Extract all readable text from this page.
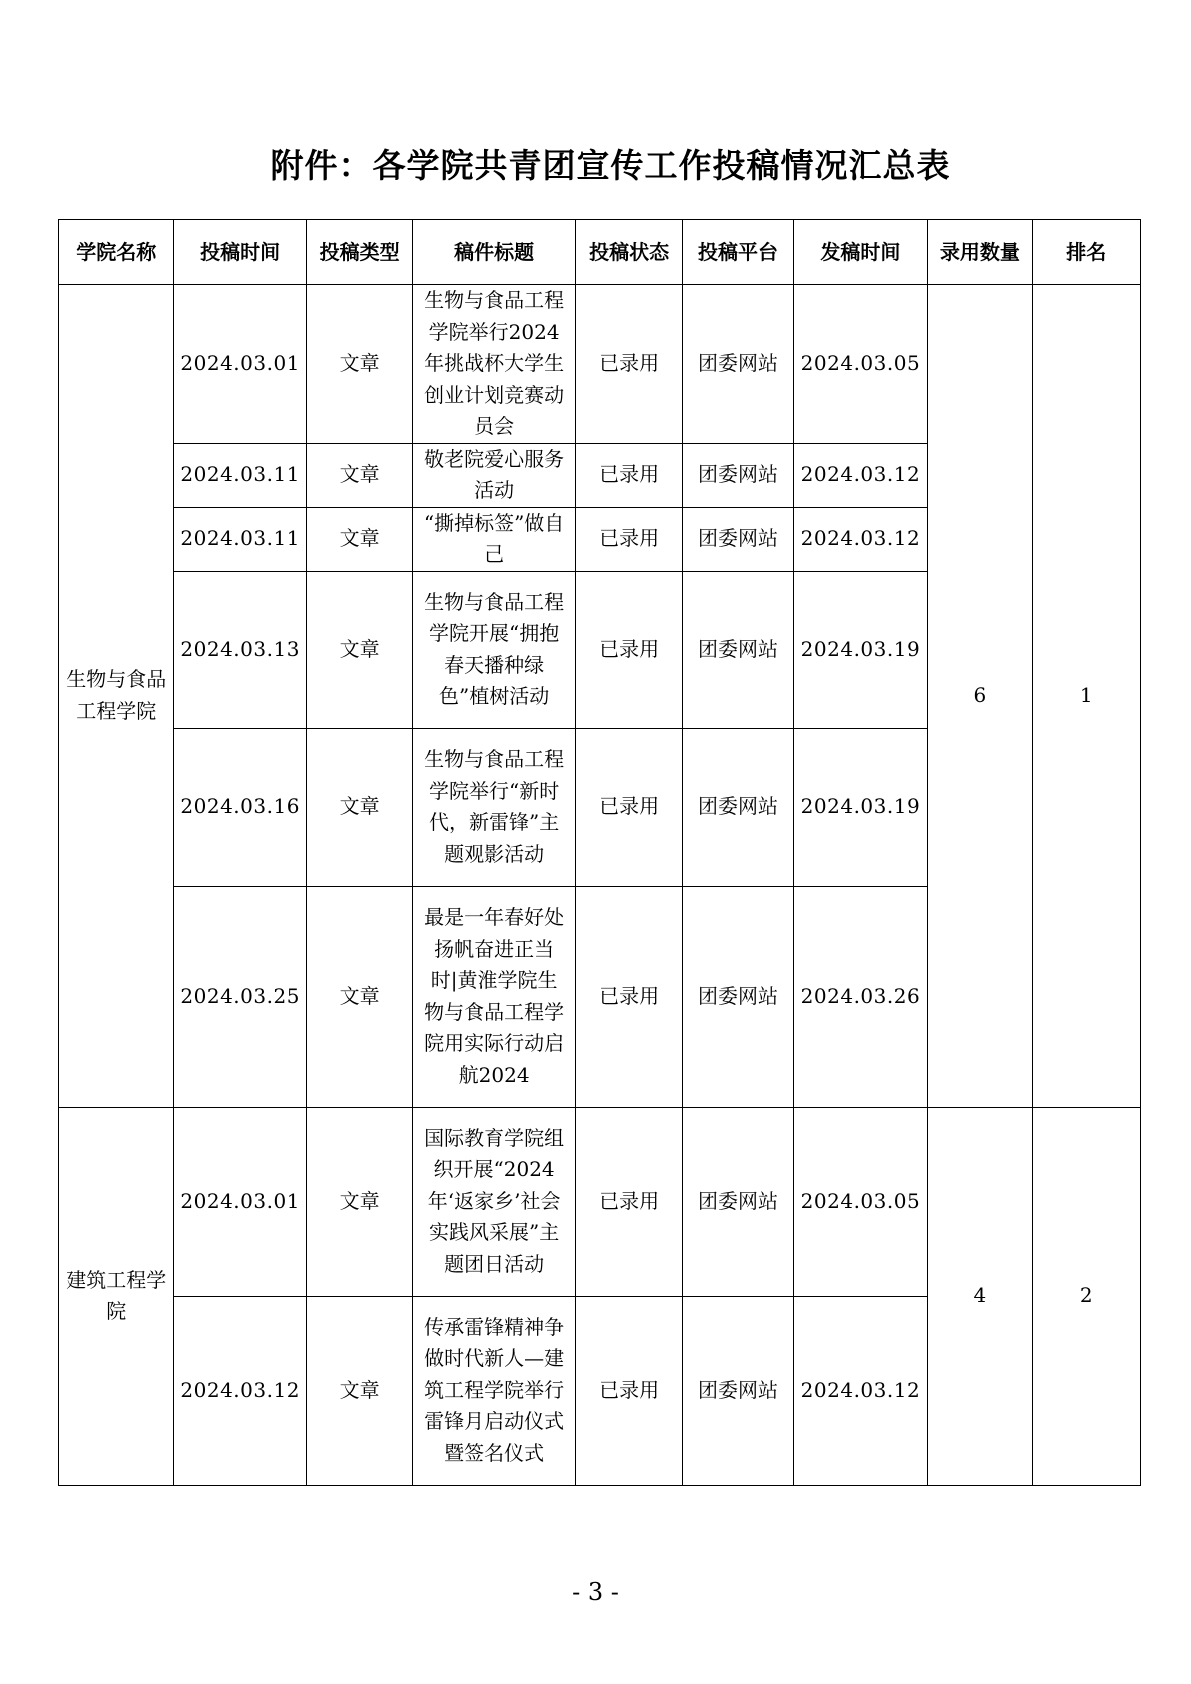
附件：各学院共青团宣传工作投稿情况汇总表
学院名称	投稿时间	投稿类型	稿件标题	投稿状态	投稿平台	发稿时间	录用数量	排名
生物与食品工程学院	2024.03.01	文章	生物与食品工程学院举行2024年挑战杯大学生创业计划竞赛动员会	已录用	团委网站	2024.03.05	6	1
	2024.03.11	文章	敬老院爱心服务活动	已录用	团委网站	2024.03.12		
	2024.03.11	文章	“撕掉标签”做自己	已录用	团委网站	2024.03.12		
	2024.03.13	文章	生物与食品工程学院开展“拥抱春天播种绿色”植树活动	已录用	团委网站	2024.03.19		
	2024.03.16	文章	生物与食品工程学院举行“新时代，新雷锋”主题观影活动	已录用	团委网站	2024.03.19		
	2024.03.25	文章	最是一年春好处 扬帆奋进正当时|黄淮学院生物与食品工程学院用实际行动启航2024	已录用	团委网站	2024.03.26		
建筑工程学院	2024.03.01	文章	国际教育学院组织开展“2024年‘返家乡’社会实践风采展”主题团日活动	已录用	团委网站	2024.03.05	4	2
	2024.03.12	文章	传承雷锋精神争做时代新人—建筑工程学院举行雷锋月启动仪式暨签名仪式	已录用	团委网站	2024.03.12		
- 3 -
